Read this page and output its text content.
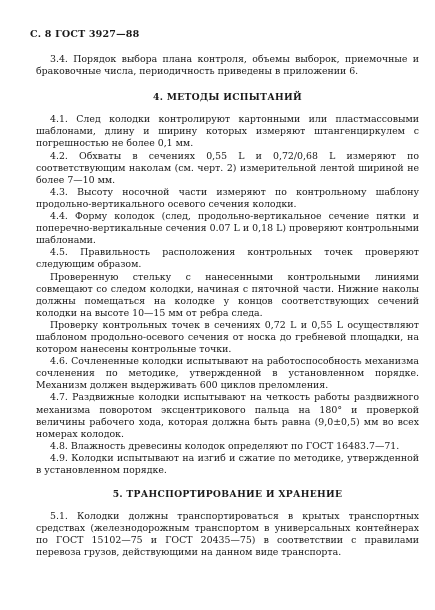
С. 8 ГОСТ 3927—88

3.4. Порядок выбора плана контроля, объемы выборок, приемочные и браковочные числа, периодичность приведены в приложении 6.

4. МЕТОДЫ ИСПЫТАНИЙ

4.1. След колодки контролируют картонными или пластмассовыми шаблонами, длину и ширину которых измеряют штангенциркулем с погрешностью не более 0,1 мм.

4.2. Обхваты в сечениях 0,55 L и 0,72/0,68 L измеряют по соответствующим наколам (см. черт. 2) измерительной лентой шириной не более 7—10 мм.

4.3. Высоту носочной части измеряют по контрольному шаблону продольно-вертикального осевого сечения колодки.

4.4. Форму колодок (след, продольно-вертикальное сечение пятки и поперечно-вертикальные сечения 0.07 L и 0,18 L) проверяют контрольными шаблонами.

4.5. Правильность расположения контрольных точек проверяют следующим образом.

Проверенную стельку с нанесенными контрольными линиями совмещают со следом колодки, начиная с пяточной части. Нижние наколы должны помещаться на колодке у концов соответствующих сечений колодки на высоте 10—15 мм от ребра следа.

Проверку контрольных точек в сечениях 0,72 L и 0,55 L осуществляют шаблоном продольно-осевого сечения от носка до гребневой площадки, на котором нанесены контрольные точки.

4.6. Сочлененные колодки испытывают на работоспособность механизма сочленения по методике, утвержденной в установленном порядке. Механизм должен выдерживать 600 циклов преломления.

4.7. Раздвижные колодки испытывают на четкость работы раздвижного механизма поворотом эксцентрикового пальца на 180° и проверкой величины рабочего хода, которая должна быть равна (9,0±0,5) мм во всех номерах колодок.

4.8. Влажность древесины колодок определяют по ГОСТ 16483.7—71.

4.9. Колодки испытывают на изгиб и сжатие по методике, утвержденной в установленном порядке.

5. ТРАНСПОРТИРОВАНИЕ И ХРАНЕНИЕ

5.1. Колодки должны транспортироваться в крытых транспортных средствах (железнодорожным транспортом в универсальных контейнерах по ГОСТ 15102—75 и ГОСТ 20435—75) в соответствии с правилами перевоза грузов, действующими на данном виде транспорта.
